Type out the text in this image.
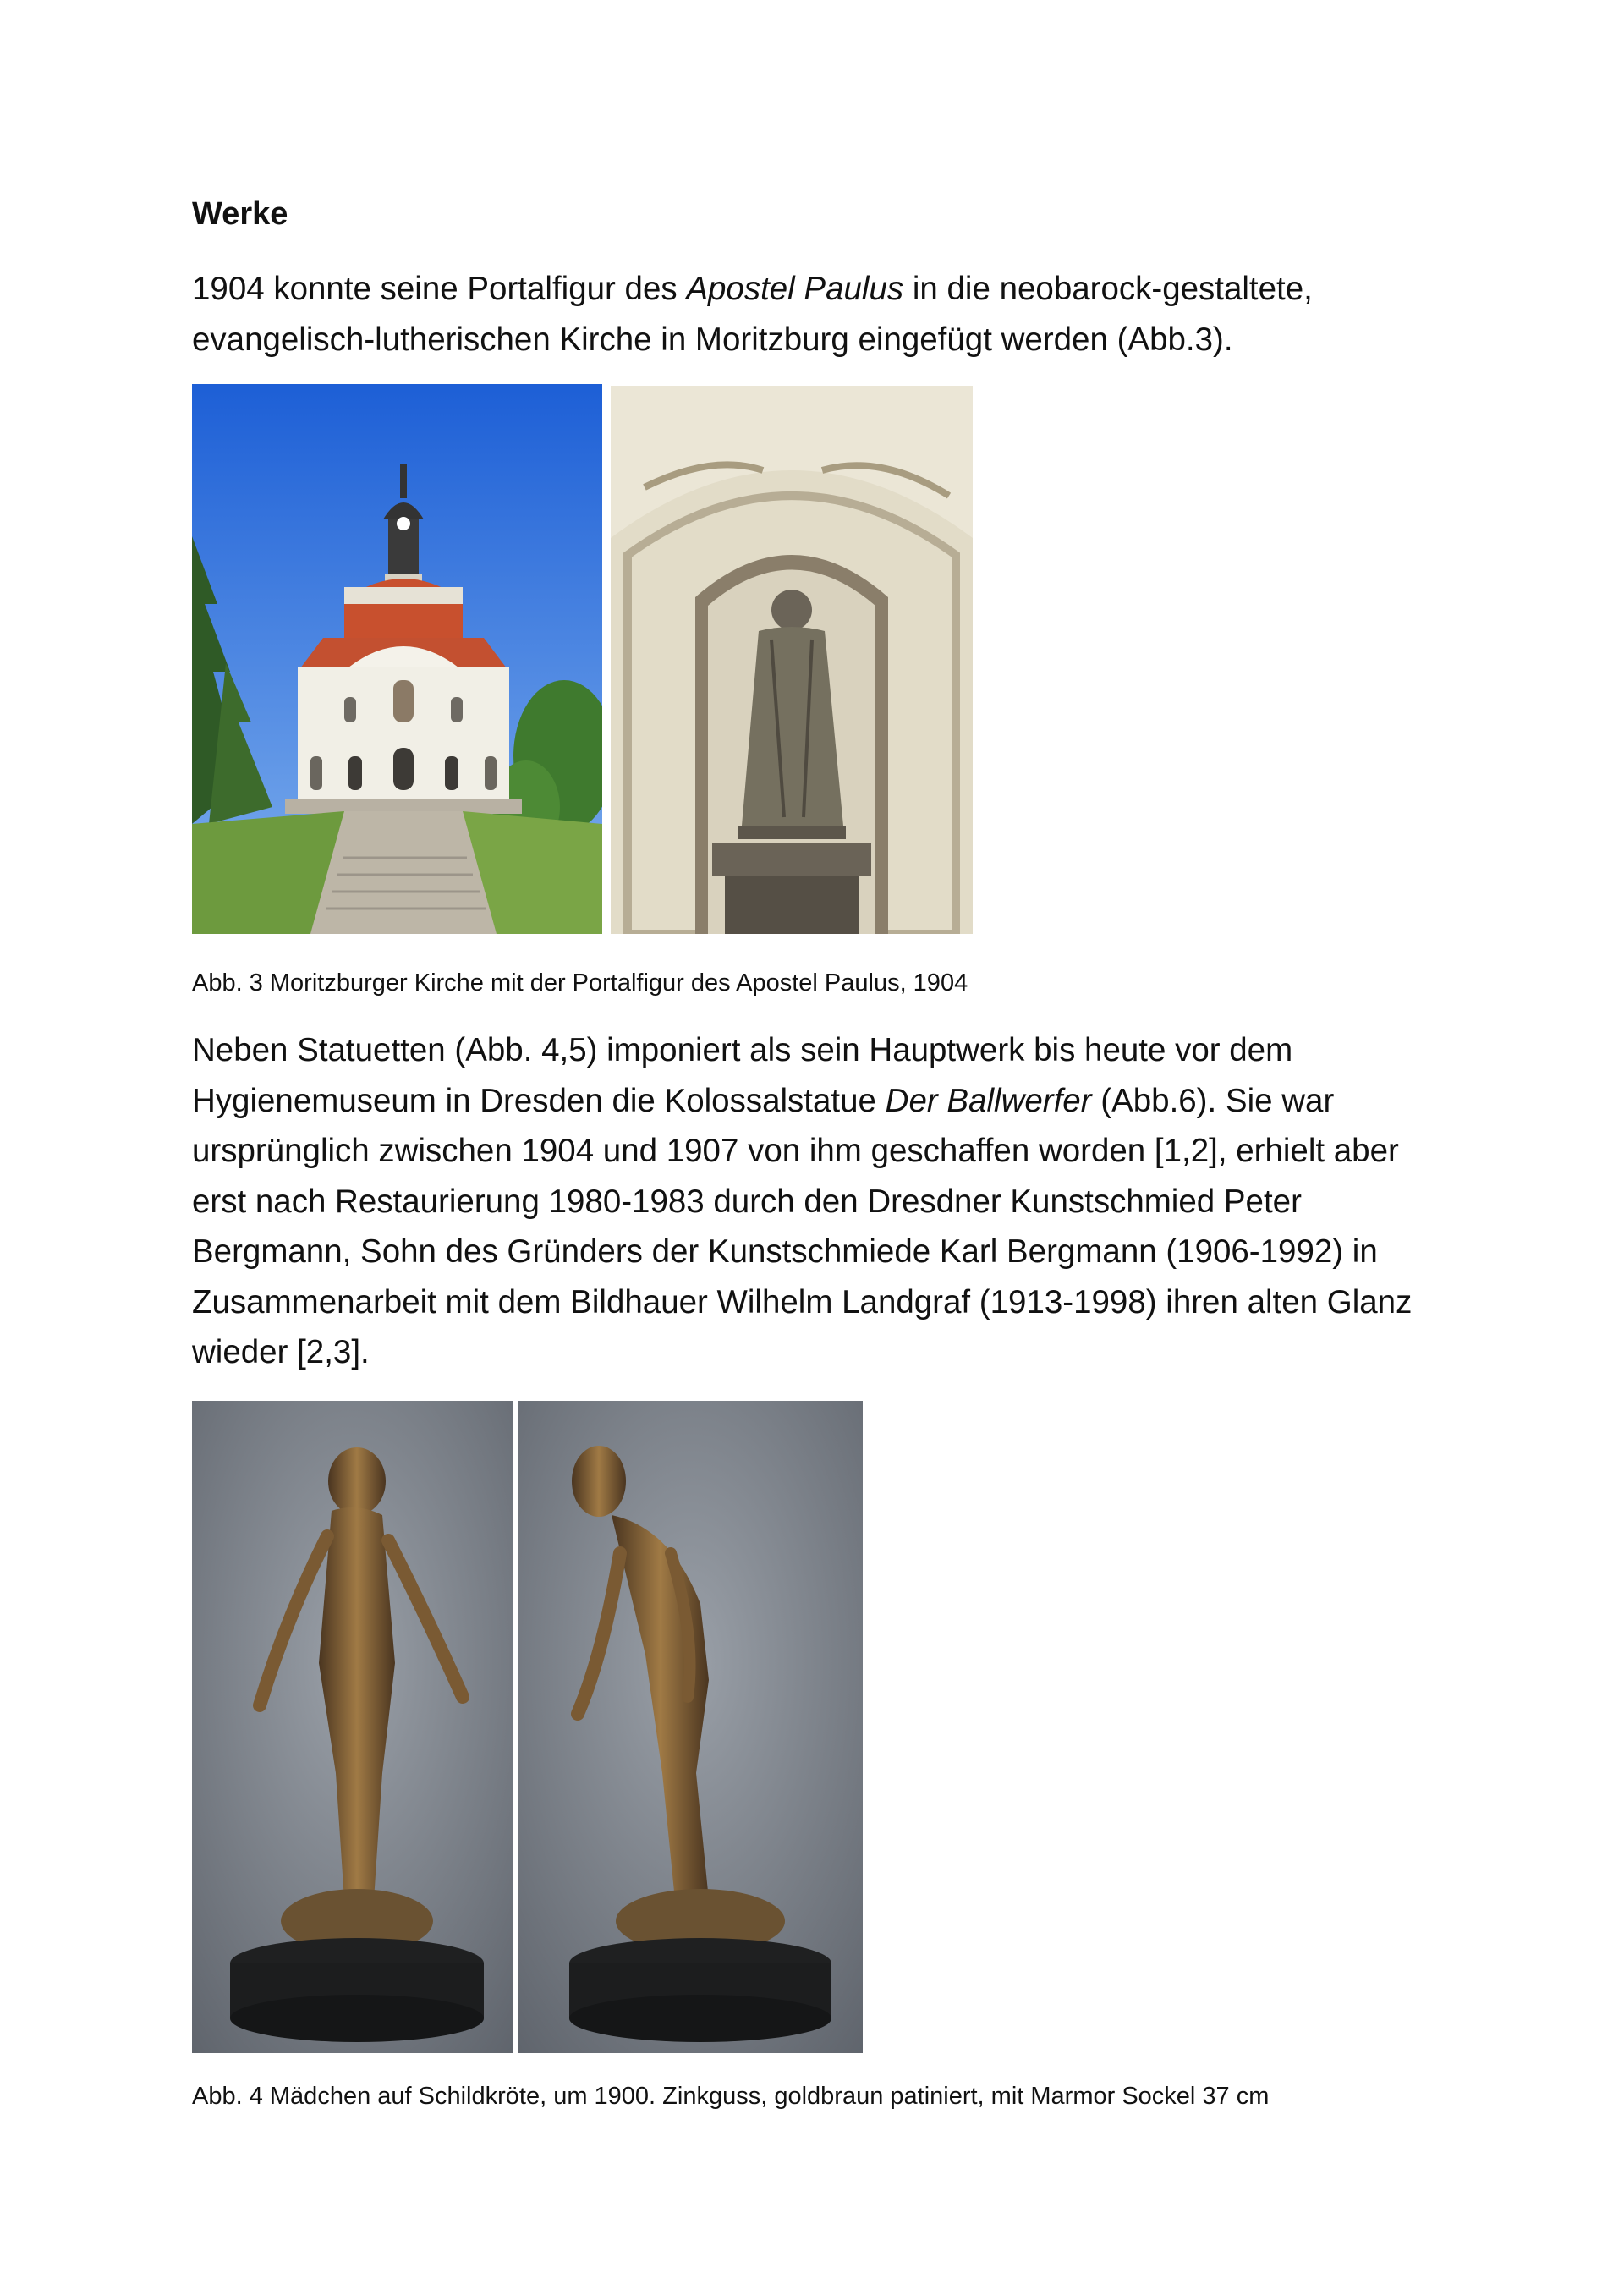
Werke

1904 konnte seine Portalfigur des Apostel Paulus in die neobarock-gestaltete, evangelisch-lutherischen Kirche in Moritzburg eingefügt werden (Abb.3).

Abb. 3 Moritzburger Kirche mit der Portalfigur des Apostel Paulus, 1904

Neben Statuetten (Abb. 4,5) imponiert als sein Hauptwerk bis heute vor dem Hygienemuseum in Dresden die Kolossalstatue Der Ballwerfer (Abb.6). Sie war ursprünglich zwischen 1904 und 1907 von ihm geschaffen worden [1,2], erhielt aber erst nach Restaurierung 1980-1983 durch den Dresdner Kunstschmied Peter Bergmann, Sohn des Gründers der Kunstschmiede Karl Bergmann (1906-1992) in Zusammenarbeit mit dem Bildhauer Wilhelm Landgraf (1913-1998) ihren alten Glanz wieder [2,3].

Abb. 4 Mädchen auf Schildkröte, um 1900. Zinkguss, goldbraun patiniert, mit Marmor Sockel 37 cm
